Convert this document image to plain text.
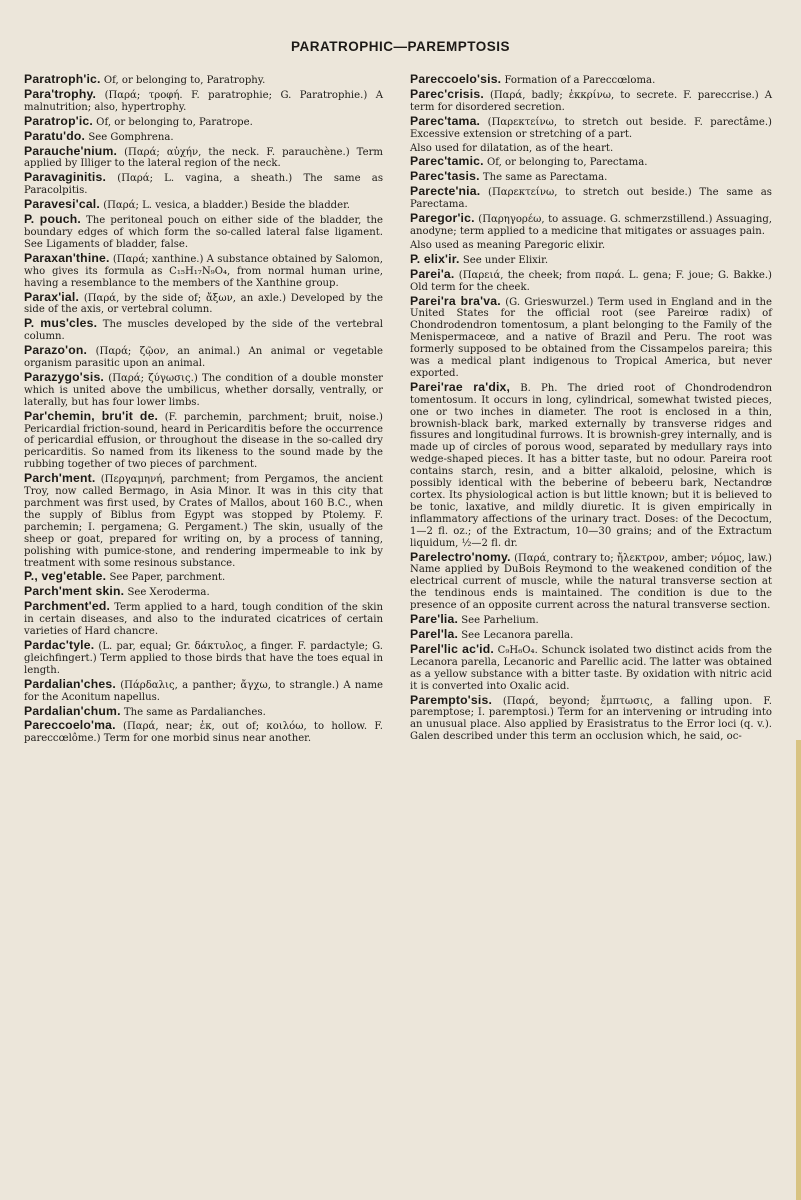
PARATROPHIC—PAREMPTOSIS

Paratroph'ic. Of, or belonging to, Paratrophy.

Para'trophy. (Παρά; τροφή. F. paratrophie; G. Paratrophie.) A malnutrition; also, hypertrophy.

Paratrop'ic. Of, or belonging to, Paratrope.

Paratu'do. See Gomphrena.

Parauche'nium. (Παρά; αὐχήν, the neck. F. parauchène.) Term applied by Illiger to the lateral region of the neck.

Paravaginitis. (Παρά; L. vagina, a sheath.) The same as Paracolpitis.

Paravesi'cal. (Παρά; L. vesica, a bladder.) Beside the bladder.

P. pouch. The peritoneal pouch on either side of the bladder, the boundary edges of which form the so-called lateral false ligament. See Ligaments of bladder, false.

Paraxan'thine. (Παρά; xanthine.) A substance obtained by Salomon, who gives its formula as C₁₅H₁₇N₉O₄, from normal human urine, having a resemblance to the members of the Xanthine group.

Parax'ial. (Παρά, by the side of; ἄξων, an axle.) Developed by the side of the axis, or vertebral column.

P. mus'cles. The muscles developed by the side of the vertebral column.

Parazo'on. (Παρά; ζῷον, an animal.) An animal or vegetable organism parasitic upon an animal.

Parazygo'sis. (Παρά; ζύγωσις.) The condition of a double monster which is united above the umbilicus, whether dorsally, ventrally, or laterally, but has four lower limbs.

Par'chemin, bru'it de. (F. parchemin, parchment; bruit, noise.) Pericardial friction-sound, heard in Pericarditis before the occurrence of pericardial effusion, or throughout the disease in the so-called dry pericarditis. So named from its likeness to the sound made by the rubbing together of two pieces of parchment.

Parch'ment. (Περγαμηνή, parchment; from Pergamos, the ancient Troy, now called Bermago, in Asia Minor. It was in this city that parchment was first used, by Crates of Mallos, about 160 B.C., when the supply of Biblus from Egypt was stopped by Ptolemy. F. parchemin; I. pergamena; G. Pergament.) The skin, usually of the sheep or goat, prepared for writing on, by a process of tanning, polishing with pumice-stone, and rendering impermeable to ink by treatment with some resinous substance.

P., veg'etable. See Paper, parchment.

Parch'ment skin. See Xeroderma.

Parchment'ed. Term applied to a hard, tough condition of the skin in certain diseases, and also to the indurated cicatrices of certain varieties of Hard chancre.

Pardac'tyle. (L. par, equal; Gr. δάκτυλος, a finger. F. pardactyle; G. gleichfingert.) Term applied to those birds that have the toes equal in length.

Pardalian'ches. (Πάρδαλις, a panther; ἄγχω, to strangle.) A name for the Aconitum napellus.

Pardalian'chum. The same as Pardalianches.

Pareccoelo'ma. (Παρά, near; ἐκ, out of; κοιλόω, to hollow. F. pareccœlôme.) Term for one morbid sinus near another.

Pareccoelo'sis. Formation of a Pareccœloma.

Parec'crisis. (Παρά, badly; ἐκκρίνω, to secrete. F. pareccrise.) A term for disordered secretion.

Parec'tama. (Παρεκτείνω, to stretch out beside. F. parectâme.) Excessive extension or stretching of a part.

Also used for dilatation, as of the heart.

Parec'tamic. Of, or belonging to, Parectama.

Parec'tasis. The same as Parectama.

Parecte'nia. (Παρεκτείνω, to stretch out beside.) The same as Parectama.

Paregor'ic. (Παρηγορέω, to assuage. G. schmerzstillend.) Assuaging, anodyne; term applied to a medicine that mitigates or assuages pain.

Also used as meaning Paregoric elixir.

P. elix'ir. See under Elixir.

Parei'a. (Παρειά, the cheek; from παρά. L. gena; F. joue; G. Bakke.) Old term for the cheek.

Parei'ra bra'va. (G. Grieswurzel.) Term used in England and in the United States for the official root (see Pareirœ radix) of Chondrodendron tomentosum, a plant belonging to the Family of the Menispermaceœ, and a native of Brazil and Peru. The root was formerly supposed to be obtained from the Cissampelos pareira; this was a medical plant indigenous to Tropical America, but never exported.

Parei'rae ra'dix, B. Ph. The dried root of Chondrodendron tomentosum. It occurs in long, cylindrical, somewhat twisted pieces, one or two inches in diameter. The root is enclosed in a thin, brownish-black bark, marked externally by transverse ridges and fissures and longitudinal furrows. It is brownish-grey internally, and is made up of circles of porous wood, separated by medullary rays into wedge-shaped pieces. It has a bitter taste, but no odour. Pareira root contains starch, resin, and a bitter alkaloid, pelosine, which is possibly identical with the beberine of bebeeru bark, Nectandrœ cortex. Its physiological action is but little known; but it is believed to be tonic, laxative, and mildly diuretic. It is given empirically in inflammatory affections of the urinary tract. Doses: of the Decoctum, 1—2 fl. oz.; of the Extractum, 10—30 grains; and of the Extractum liquidum, ½—2 fl. dr.

Parelectro'nomy. (Παρά, contrary to; ἤλεκτρον, amber; νόμος, law.) Name applied by DuBois Reymond to the weakened condition of the electrical current of muscle, while the natural transverse section at the tendinous ends is maintained. The condition is due to the presence of an opposite current across the natural transverse section.

Pare'lia. See Parhelium.

Parel'la. See Lecanora parella.

Parel'lic ac'id. C₉H₆O₄. Schunck isolated two distinct acids from the Lecanora parella, Lecanoric and Parellic acid. The latter was obtained as a yellow substance with a bitter taste. By oxidation with nitric acid it is converted into Oxalic acid.

Parempto'sis. (Παρά, beyond; ἔμπτωσις, a falling upon. F. paremptose; I. paremptosi.) Term for an intervening or intruding into an unusual place. Also applied by Erasistratus to the Error loci (q. v.). Galen described under this term an occlusion which, he said, oc-
